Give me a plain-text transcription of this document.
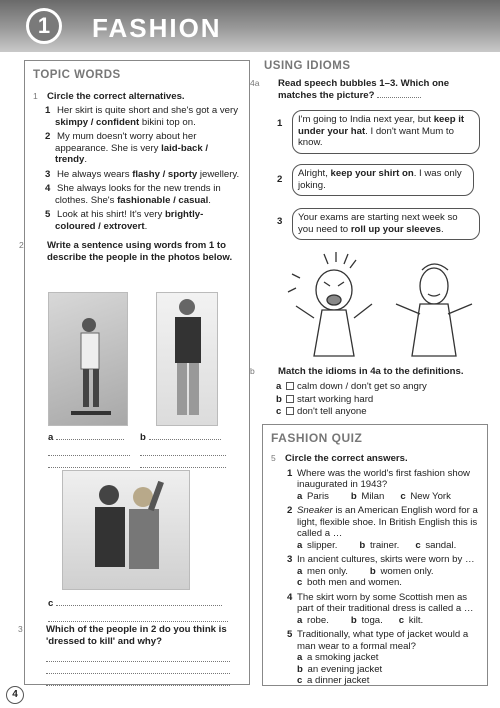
1	FASHION
TOPIC WORDS
1 Circle the correct alternatives.
1 Her skirt is quite short and she's got a very skimpy / confident bikini top on.
2 My mum doesn't worry about her appearance. She is very laid-back / trendy.
3 He always wears flashy / sporty jewellery.
4 She always looks for the new trends in clothes. She's fashionable / casual.
5 Look at his shirt! It's very brightly-coloured / extrovert.
2 Write a sentence using words from 1 to describe the people in the photos below.
a	b
c
3 Which of the people in 2 do you think is 'dressed to kill' and why?
USING IDIOMS
4a Read speech bubbles 1–3. Which one matches the picture?
1	I'm going to India next year, but keep it under your hat. I don't want Mum to know.
2
Alright, keep your shirt on. I was only joking.
3	Your exams are starting next week so you need to roll up your sleeves.
b Match the idioms in 4a to the definitions.
a calm down / don't get so angry
b start working hard
c don't tell anyone
FASHION QUIZ
5 Circle the correct answers.
1 Where was the world's first fashion show inaugurated in 1943?
a Paris b Milan c New York
2 Sneaker is an American English word for a light, flexible shoe. In British English this is called a …
a slipper. b trainer. c sandal.
3 In ancient cultures, skirts were worn by …
a men only. b women only.
c both men and women.
4 The skirt worn by some Scottish men as part of their traditional dress is called a …
a robe. b toga. c kilt.
5 Traditionally, what type of jacket would a man wear to a formal meal?
a a smoking jacket
b an evening jacket
c a dinner jacket
4
